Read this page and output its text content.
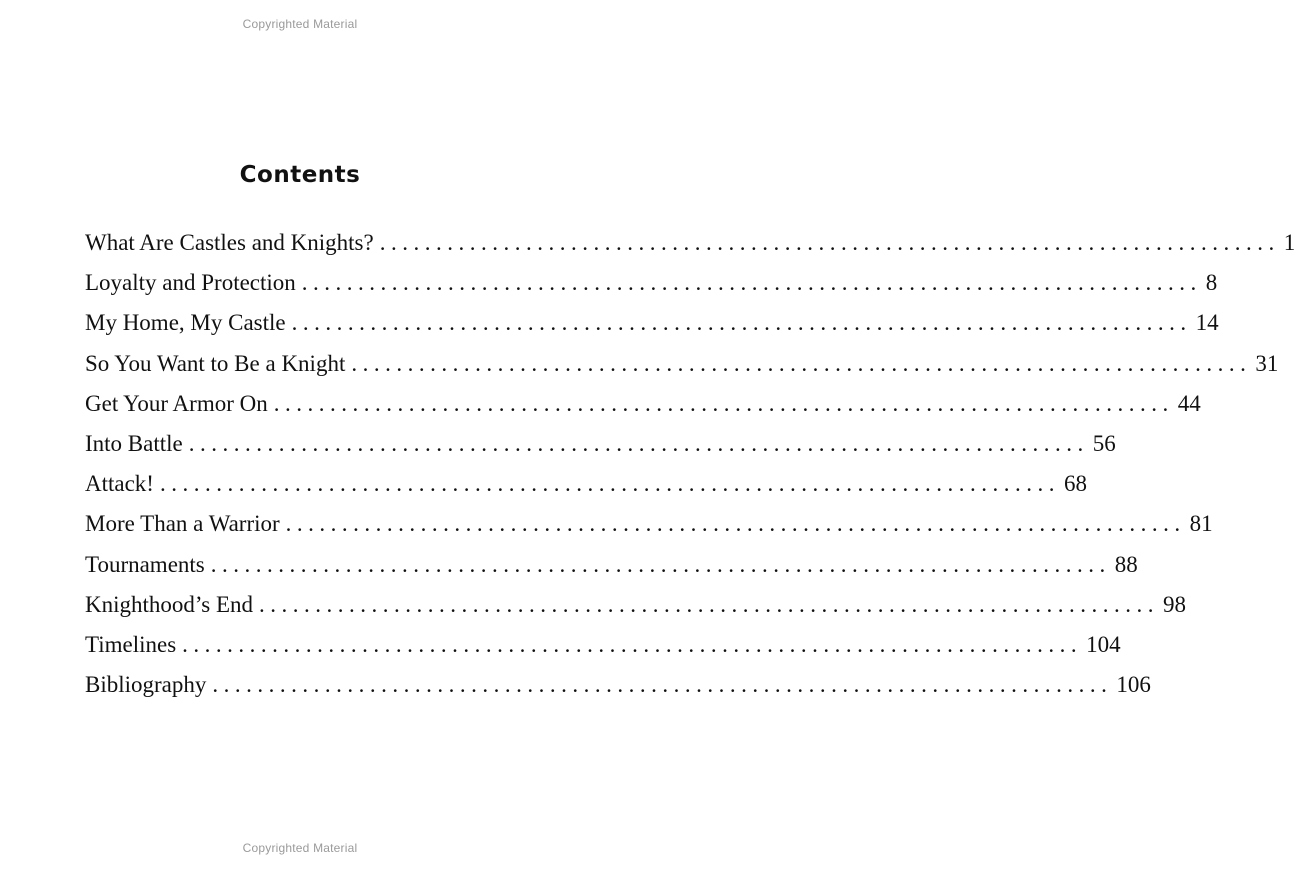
Copyrighted Material
Contents
What Are Castles and Knights? ................................................................................ 1
Loyalty and Protection ................................................................................ 8
My Home, My Castle ................................................................................ 14
So You Want to Be a Knight ................................................................................ 31
Get Your Armor On ................................................................................ 44
Into Battle ................................................................................ 56
Attack! ................................................................................ 68
More Than a Warrior ................................................................................ 81
Tournaments ................................................................................ 88
Knighthood’s End ................................................................................ 98
Timelines ................................................................................ 104
Bibliography ................................................................................ 106
Copyrighted Material
